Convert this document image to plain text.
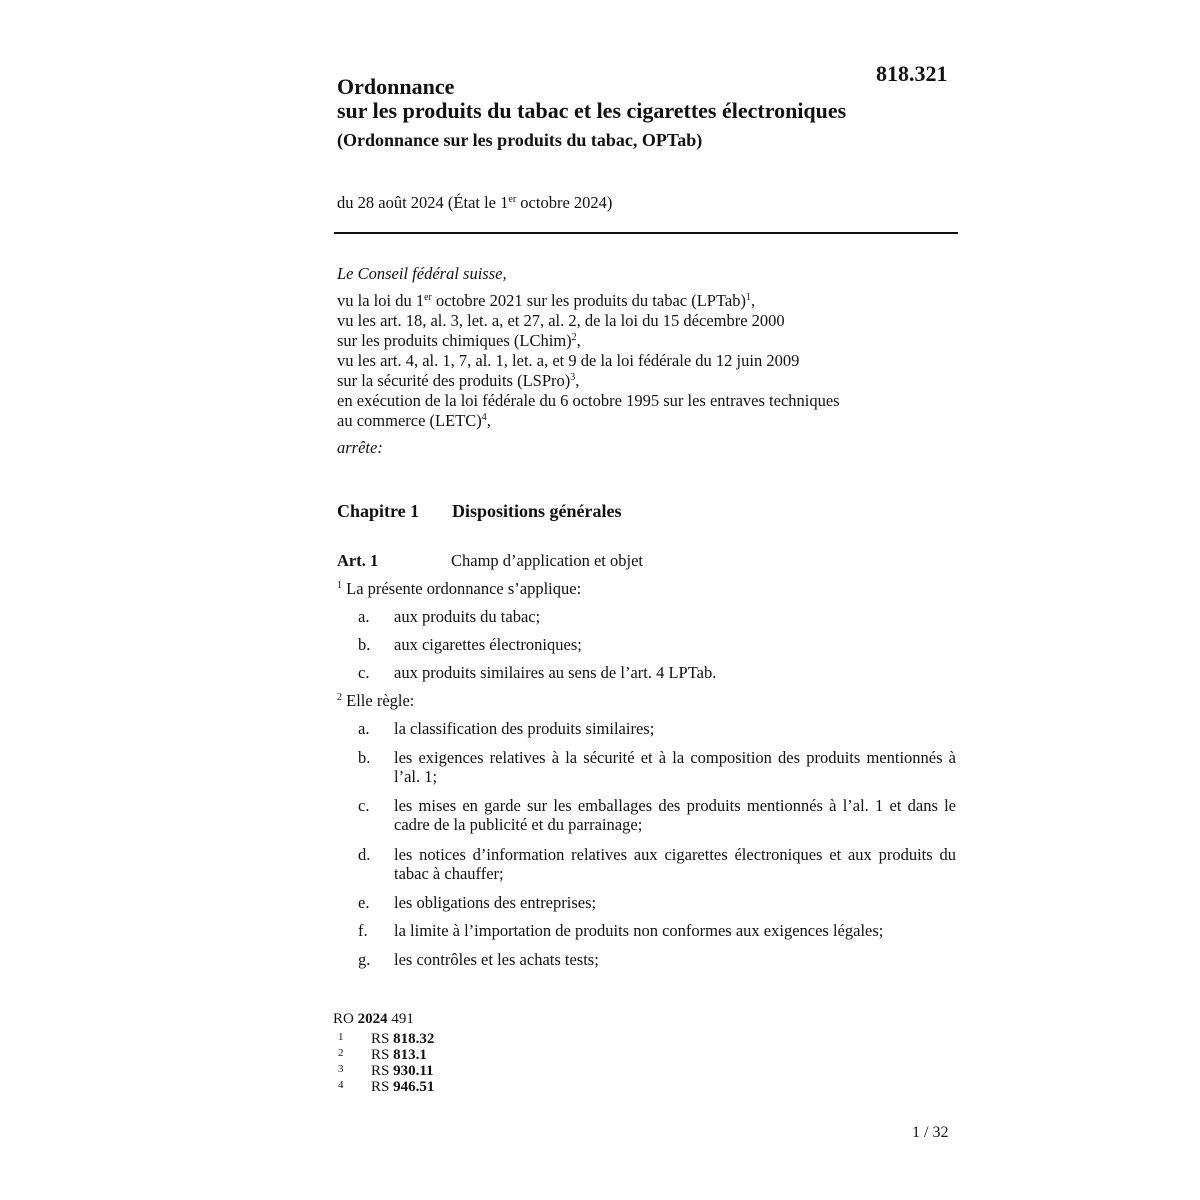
818.321
Ordonnance
sur les produits du tabac et les cigarettes électroniques
(Ordonnance sur les produits du tabac, OPTab)
du 28 août 2024 (État le 1er octobre 2024)
Le Conseil fédéral suisse,
vu la loi du 1er octobre 2021 sur les produits du tabac (LPTab)$^1$,
vu les art. 18, al. 3, let. a, et 27, al. 2, de la loi du 15 décembre 2000
sur les produits chimiques (LChim)$^2$,
vu les art. 4, al. 1, 7, al. 1, let. a, et 9 de la loi fédérale du 12 juin 2009
sur la sécurité des produits (LSPro)$^3$,
en exécution de la loi fédérale du 6 octobre 1995 sur les entraves techniques
au commerce (LETC)$^4$,
arrête:
Chapitre 1 Dispositions générales
Art. 1	Champ d’application et objet
$^1$ La présente ordonnance s’applique:
a. aux produits du tabac;
b. aux cigarettes électroniques;
c. aux produits similaires au sens de l’art. 4 LPTab.
$^2$ Elle règle:
a. la classification des produits similaires;
b. les exigences relatives à la sécurité et à la composition des produits mentionnés à l’al. 1;
c. les mises en garde sur les emballages des produits mentionnés à l’al. 1 et dans le cadre de la publicité et du parrainage;
d. les notices d’information relatives aux cigarettes électroniques et aux produits du tabac à chauffer;
e. les obligations des entreprises;
f. la limite à l’importation de produits non conformes aux exigences légales;
g. les contrôles et les achats tests;
RO 2024 491
1 RS 818.32
2 RS 813.1
3 RS 930.11
4 RS 946.51
1 / 32
